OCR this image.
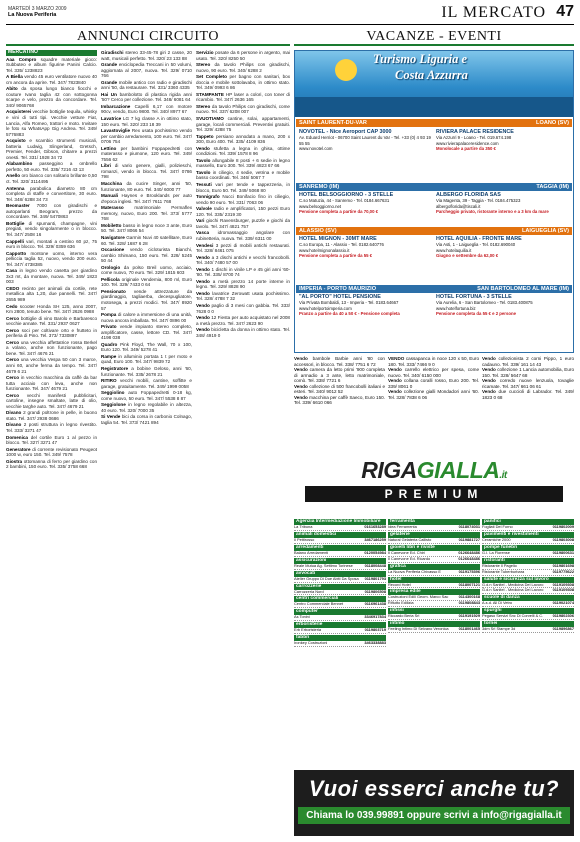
MARTEDÌ 3 MARZO 2009
La Nuova Periferia	IL MERCATO 47
ANNUNCI CIRCUITO	VACANZE - EVENTI
MERCATINO

Aaa Compro squadre materiale gioco: Subbuteo e album figurine Panini Calcio. Tel. 335/ 1238823

A Biella vendo 45 euro ventilatore nuovo 40 cm ancora da aprire. Tel. 347/ 7823840

Abito da sposa lungo bianco fiocchi e couture Ivano taglia 42 con sottogonna scarpe e velo, prezzo da concordare. Tel. 340/ 9065768

Acquisterei vecchie bottiglie tequila, whisky e vini di tutti tipi. Vecchie vetture Fiat, Lancia, Alfa Romeo, trattori e moto. Invitare le foto su WhatsApp Gig Andrea. Tel. 349/ 5776883

Acquisto e scambio strumenti musicali, batteria Ludwig, Slingerland, Gretsch, Premier, Fender, Gibson, chitarre a prezzi onesti. Tel. 331/ 1928 34 72

Alabambino passeggino a ombrello perfetto, 50 euro. Tel. 335/ 7216 43 13

Anello oro bianco con solitario brillante 0,50 ct. Tel. 320/ 3114495

Antenna parabolica diametro 80 cm completa di staffe e convertitore, 30 euro. Tel. 348/ 6288 34 73

Beomaster 7000 con giradischi e autoparlanti Beogram, prezzo da concordare. Tel. 349/ 5470863

Bottiglie di spumanti, champagne, vini pregiati, vendo singolarmente o in blocco. Tel. 347/ 2508 16

Cappelli vari, montati a cestino 60 pz, 75 euro in blocco. Tel. 329/ 0359 636

Cappotto montone uomo, interno vera pelliccia taglia 52, nuovo, vendo 200 euro. Tel. 347/ 4738385

Casa in legno vendo casetta per giardino 3x3 mt, da montare, nuova. Tel. 349/ 1823 003

CEDO recinto per animali da cortile, rete metallica alta 1,20, due pannelli. Tel. 347/ 2655 989

Cedo scooter Honda SH 125, anno 2007, Km 2800, tenuto bene. Tel. 347/ 2626 0988

Cerco bottiglie di vino Barolo e Barbaresco vecchie annate. Tel. 331/ 2937 0627

Cerco soci per coltivare orto e frutteto in periferia di Pino. Tel. 373/ 7330897

Cerco una vecchia affettatrice rossa Berkel a volano, anche non funzionante, pago bene. Tel. 347/ 4676 21

Cerco una vecchia Vespa 50 con 3 marce, anni 60, anche ferma da tempo. Tel. 347/ 4679 6 21

Cerco in vecchio macchina da caffè da bar tutta acciaio con leva, anche non funzionante. Tel. 347/ 4679 21

Cerco vecchi manifesti pubblicitari, cartoline, insegne smaltate, latte di olio, vecchie targhe auto. Tel. 347/ 4679 21

Divano 2 grandi poltrone in pelle, in buono stato. Tel. 347/ 2938 0686

Divano 2 posti struttura in legno rivestito. Tel. 333/ 3271 47

Domenica del cortile Euro 1 al pezzo in blocco. Tel. 327/ 3271 47

Generatore di corrente revisionato Peugeot 1000 w, euro 150. Tel. 349/ 7578

Giostra ottomanna di ferro per giardino con 2 bambini, 150 euro. Tel. 335/ 3758 668

Giradischi stereo 33-45-78 giri 2 casse, 20 watt, musicali perfetto. Tel. 320/ 23 133 88

Grande enciclopedia Treccani in 50 volumi, aggiornata al 2007, nuova. Tel. 329/ 0710 766

Grande mobile antico con radio e giradischi anni '50, da restaurare. Tel. 331/ 3360 4335

Hai Un bambolotto di plastica rigida anni '50? Cerco per collezione. Tel. 348/ 6081 64

Imbarcazione Capelli 6,17 con motore 90cv, vendo, Euro 9800. Tel. 340/ 8977 67

Lavatrice LG 7 kg classe A in ottimo stato, 150 euro. Tel. 320/ 233 18 39

Lavastoviglie Rex usata pochissimo vendo per cambio arredamento, 100 euro. Tel. 347/ 0706 754

Lettino per bambini Foppapedretti con materasso e piumone, 120 euro. Tel. 349/ 7556 62

Libri di vario genere, gialli, polizieschi, romanzi, vendo in blocco. Tel. 347/ 0786 798

Macchina da cucire Singer, anni '50, funzionante, 80 euro. Tel. 340/ 6000 77

Manuali Haynes e Brooklands per auto d'epoca inglesi. Tel. 347/ 7611 768

Materasso matrimoniale Permaflex memory, nuovo, Euro 200. Tel. 373/ 5777 768

Mobiletto basso in legno noce 3 ante, Euro 50. Tel. 347/ 8066 54

Navigatore Garmin Nuvi 40 satellitare, Euro 60. Tel. 328/ 1687 6 28

Occasione vendo cicloturista Bianchi, cambio Shimano, 150 euro. Tel. 328/ 5245 50 44

Orologio da polso Breil uomo, acciaio, come nuovo, 70 euro. Tel. 329/ 1815 603

Pellicola originale Vendemia, 800 ml, Euro 100. Tel. 329/ 7433 0 64

Pensionato vende attrezzature da giardinaggio, tagliaerba, decespugliatore, motosega, a prezzi modici. Tel. 347/ 8920 57

Pompa di calore a immersione di una unità, nuova ancora imballata. Tel. 347/ 0896 00

Privato vende impianto stereo completo, amplificatore, casse, lettore CD. Tel. 347/ 4198 038

Quadro Pink Floyd, The Wall, 70 x 100, Euro 120. Tel. 349/ 5278 41

Rampe in alluminio portata 1 t per moto e quad, Euro 100. Tel. 347/ 9839 72

Registratore a bobine Geloso, anni '60, funzionante. Tel. 335/ 2678 21

RITIRO vecchi mobili, cantine, soffitte e garage, gratuitamente. Tel. 349/ 1999 0058

Seggiolino auto Foppapedretti 0-18 kg, come nuovo, 50 euro. Tel. 347/ 5538 8 87

Seggiolone in legno regolabile in altezza, 40 euro. Tel. 320/ 7000 35

Si Vende bici da corsa in carbonio Colnago, taglia 54. Tel. 373/ 7421 894

Servizio posate da 6 persone in argento, mai usato. Tel. 320/ 8250 50

Stereo da tavolo Philips con giradischi, nuovo, 90 euro. Tel. 340/ 6288 2

Set Completo per bagno con sanitari, box doccia e mobile sottolavabo, in ottimo stato. Tel. 349/ 0993 6 86

STAMPANTE HP laser a colori, con toner di ricambio. Tel. 347/ 2636 165

Stereo da tavolo Philips con giradischi, come nuovo. Tel. 337/ 6208 007

SVUOTIAMO cantine, solai, appartamenti, garage, locali commerciali. Preventivi gratuiti. Tel. 329/ 4288 75

Tappeto persiano annodato a mano, 200 x 300, Euro 400. Tel. 335/ 4109 836

Vendo stufetta a legna in ghisa, ottime condizioni. Tel. 339/ 1578 8 96

Tavolo allungabile 8 posti + 6 sedie in legno massello, Euro 300. Tel. 339/ 4823 67 66

Tavolo in ciliegio, 4 sedie, vetrina e mobile basso coordinati. Tel. 346/ 5067 7

Tessuti vari per tende e tappezzeria, in blocco, Euro 50. Tel. 349/ 5068 80

Tonnigrafo Nucci Bonifacio fino in ciliegio, vendo 90 euro. Tel. 331/ 7063 06

Valvole radio e amplificatori, 150 pezzi Euro 120. Tel. 335/ 2319 30

Vari giochi Ravensburger, puzzle e giochi da tavolo. Tel. 347/ 4821 757

Vasca idromassaggio angolare con rubinetteria, nuova. Tel. 339/ 6311 00

Vendesi 3 pezzi di mobili antichi restaurati. Tel. 328/ 8461 075

Vendo a 3 dischi antichi e vecchi francobolli. Tel. 340/ 7480 57 00

Vendo 1 dischi in vinile LP e 45 giri anni '60-'80. Tel. 335/ 8700 74

Vendo a metà prezzo 14 porte interne in legno. Tel. 329/ 8828 90

Vendo lavatrice Zerowatt usata pochissimo. Tel. 328/ 4788 7 32

Vendo paglio di 3 mesi con gabbia. Tel. 333/ 7628 0 0

Vendo 12 Fiesta per auto acquistato nel 2008 a metà prezzo. Tel. 347/ 2623 90

Vendo bicicletta da donna in ottimo stato. Tel. 348/ 4919 0

Turismo Liguria e
Costa Azzurra
SAINT LAURENT-DU-VAR	LOANO (SV)
NOVOTEL - Nice Aeroport CAP 3000
Av. Eduard Herriot - 06700 Saint Laurent du Var - Tel. +33 (0) 4 93 19 55 55
www.novotel.com
RIVIERA PALACE RESIDENCE
Via Azzurri 9 - Loano - Tel. 019.674.198
www.rivierapalaceresidence.com
Monolocale a partire da 350 €
SANREMO (IM)	TAGGIA (IM)
HOTEL BELSOGGIORNO - 3 STELLE
C.so Matuzia, 44 - Sanremo - Tel. 0184.667631
www.belsoggiorno.net
Pensione completa a partire da 70,00 €
ALBERGO FLORIDA SAS
Via Magenta, 39 - Taggia - Tel. 0184.475323
albergoflorida@tiscali.it
Parcheggio privato, ristorante interno e a 3 km da mare
ALASSIO (SV)	LAIGUEGLIA (SV)
HOTEL MIGNON - 30MT MARE
C.so Europa, 11 - Alassio - Tel. 0182.640776
www.hotelmignonalassio.it
Pensione completa a partire da 55 €
HOTEL AQUILIA - FRONTE MARE
Via Asti, 1 - Laigueglia - Tel. 0182.690040
www.hotelaquilia.it
Giugno e settembre da 62,00 €
IMPERIA - PORTO MAURIZIO	SAN BARTOLOMEO AL MARE (IM)
"AL PORTO" HOTEL PENSIONE
Via Privata Bombaldi, 13 - Imperia - Tel. 0183.64667
www.hotelportoimperia.com
Pranzo a partire da 40 a 50 € - Pensione completa
HOTEL FORTUNA - 3 STELLE
Via Aurelia, 6 - San Bartolomeo - Tel. 0183.400875
www.hotelfortuna.biz
Pensione completa da 55 € e 2 persone

Vendo bambole Barbie anni '80 con accessori, in blocco. Tel. 338/ 7751 6 72

Vendo camera da letto primi '900 completa di armadio a 3 ante, letto matrimoniale, comò. Tel. 338/ 7721 6

Vendo collezione di 500 francobolli italiani e esteri. Tel. 340/ 9012 52

Vendo macchina per caffè Saeco, Euro 150. Tel. 339/ 6610 066

VENDO cassapanca in noce 120 x 50, Euro 180. Tel. 333/ 7466 9 0

Vendo carrello elettrico per spesa, come nuovo. Tel. 340/ 6150 000

Vendo collana coralli rosso, Euro 200. Tel. 339/ 8061 0

Vendo collezione gialli Mondadori anni '60. Tel. 328/ 7838 6 06

Vendo collezionista 2 corni Pippo, 1 euro cadauno. Tel. 339/ 161 14 43

Vendo collezione 1 Lancia automobilia, Euro 150. Tel. 328/ 5647 68

Vendo corredo nuove lenzuola, tovaglie ricamate. Tel. 347/ 661 06 61

Vendo due cuccioli di Labrador. Tel. 349/ 1823 0 68

RIGAGIALLA.it
PREMIUM
Agenzia Intermediazione Immobiliare
La Tribuna	0161653289
animali domestici
Il Pettirosso	3467186259
arredamenti
Baiano Arredamenti	0120054984
assicurazioni
Reale Mutua Ag. Settimo Torinese	0118008448
avvocati
Atelier Gruppo Di Due Abiti Da Sposa 0119801793
carrozzerie
Carrozzeria Nord	0119806508
centri commerciali
Centro Commerciale Bennet	0116961438
computer
As Tonini	3346917834
erboristerie
Erb Erboristeria	0119803719
fabbri
Ironkey Costruzioni	3463338883
ferramenta
Idea Ferramenta	0118074031
gelaterie
Natural Gelateria Callisto	0119881727
gioielli libri e riviste
Il Canevone Ed. Chiri	0126648486
Il Canevone Ed. Ricardo	0126648486
grafica
La Nuova Periferia Chivasso E	0119175396
hotel
Record Hotel	0118007121
impresa edile
Costruzioni Edili Geom. Marco Sac	0114300168
Rifiutto Edilizia	0119808843
infissi
Riccardo Beria Srl	0119191929
intimo
Feeling Intimo Di Selvano Veronica	0118001465
panifici
Fogliati Del Forno	0119802009
pavimenti e rivestimenti
Ceramiche 2000	0119803008
pompe funebri
G.I. La Florense	0119800631
ristoranti
Ristorante Il Pagelio	0119801698
Ristorante Tuberburbara	0119775622
salute e sicurezza sul lavoro
G.d.n Sanitel - Medicina Del Lavoro 0119109308
G.d.n Sanitel - Medicina Del Lavoro 0119109308
scuole di danza
A.s.d. All Di Vetro	0119021074
spurghi
Pegaso Servizi Snc Di Corvelli & C. 0119802306
tornei
3dm Srl Stampe 3d	0119896867
Vuoi esserci anche tu?
Chiama lo 039.99891 oppure scrivi a info@rigagialla.it
